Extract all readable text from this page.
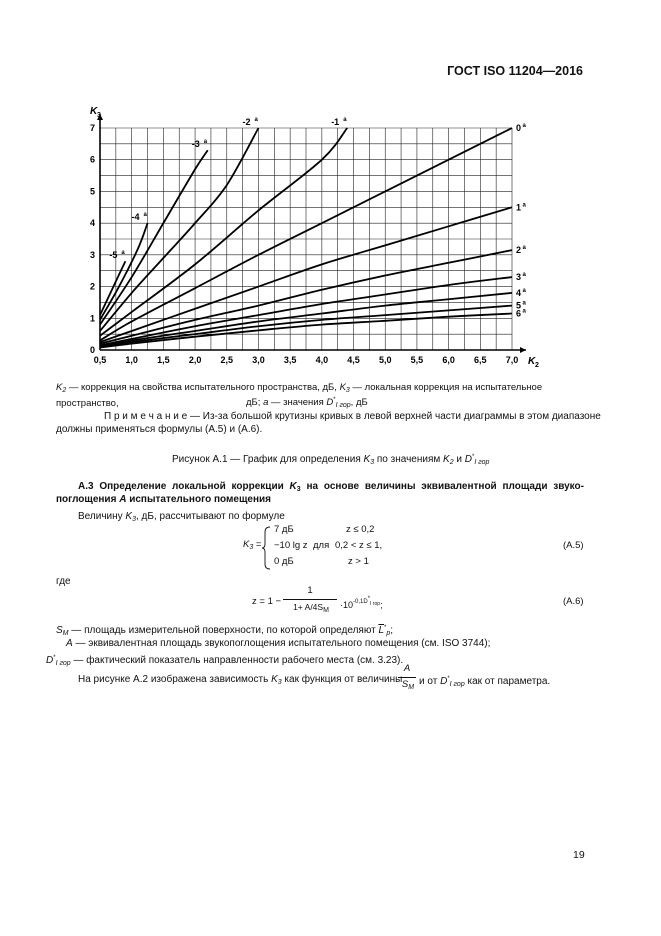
ГОСТ ISO 11204—2016
0,5 1,0 1,5 2,0 2,5 3,0 3,5 4,0 4,5 5,0 5,5 6,0 6,5 7,0
0
1
2
3
4
5
6
7
K 2
K 3
-5 a
-4 a
-3 a
-2 a	-1 a
0 a
1 a
2 a
3 a
4 a
5 a
6 a
$K_2$ — коррекция на свойства испытательного пространства, дБ, $K_3$ — локальная коррекция на испытательное пространство,	дБ; a — значения $D^*_{I гор}$, дБ
П р и м е ч а н и е — Из-за большой крутизны кривых в левой верхней части диаграммы в этом диапазоне
должны применяться формулы (А.5) и (А.6).
Рисунок А.1 — График для определения $K_3$ по значениям $K_2$ и $D^*_{I гор}$
А.3 Определение локальной коррекции $K_3$ на основе величины эквивалентной площади звуко-
поглощения A испытательного помещения
Величину $K_3$, дБ, рассчитывают по формуле
$K_3$ =
7 дБ
−10 lg z
0 дБ
для
z ≤ 0,2
0,2 < z ≤ 1,
z > 1
(А.5)
где
z = 1 −
1
$1+ A/4S_M$
$\cdot 10^{-0,1D*_{I гор}}$;	(А.6)
$S_M$ — площадь измерительной поверхности, по которой определяют $\overline{L}^*_p$;
A — эквивалентная площадь звукопоглощения испытательного помещения (см. ISO 3744);
$D^*_{I гор}$ — фактический показатель направленности рабочего места (см. 3.23).
На рисунке А.2 изображена зависимость $K_3$ как функция от величины
A
$S_M$
и от $D^*_{I гор}$ как от параметра.
19
